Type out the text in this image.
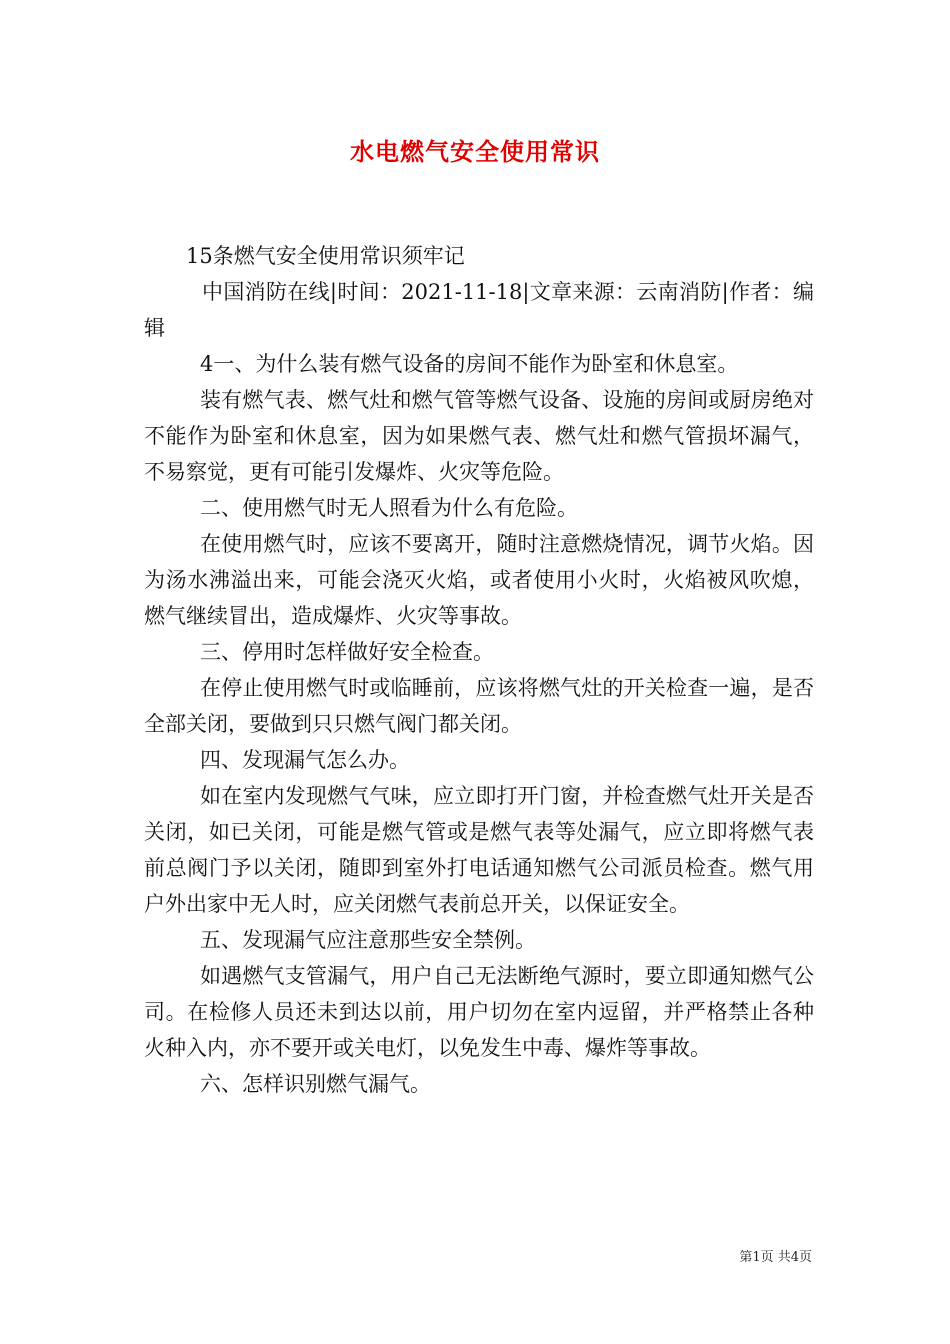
水电燃气安全使用常识

15条燃气安全使用常识须牢记

中国消防在线|时间：2021-11-18|文章来源：云南消防|作者：编辑

4一、为什么装有燃气设备的房间不能作为卧室和休息室。

装有燃气表、燃气灶和燃气管等燃气设备、设施的房间或厨房绝对不能作为卧室和休息室，因为如果燃气表、燃气灶和燃气管损坏漏气，不易察觉，更有可能引发爆炸、火灾等危险。

二、使用燃气时无人照看为什么有危险。

在使用燃气时，应该不要离开，随时注意燃烧情况，调节火焰。因为汤水沸溢出来，可能会浇灭火焰，或者使用小火时，火焰被风吹熄，燃气继续冒出，造成爆炸、火灾等事故。

三、停用时怎样做好安全检查。

在停止使用燃气时或临睡前，应该将燃气灶的开关检查一遍，是否全部关闭，要做到只只燃气阀门都关闭。

四、发现漏气怎么办。

如在室内发现燃气气味，应立即打开门窗，并检查燃气灶开关是否关闭，如已关闭，可能是燃气管或是燃气表等处漏气，应立即将燃气表前总阀门予以关闭，随即到室外打电话通知燃气公司派员检查。燃气用户外出家中无人时，应关闭燃气表前总开关，以保证安全。

五、发现漏气应注意那些安全禁例。

如遇燃气支管漏气，用户自己无法断绝气源时，要立即通知燃气公司。在检修人员还未到达以前，用户切勿在室内逗留，并严格禁止各种火种入内，亦不要开或关电灯，以免发生中毒、爆炸等事故。

六、怎样识别燃气漏气。

第1页 共4页
